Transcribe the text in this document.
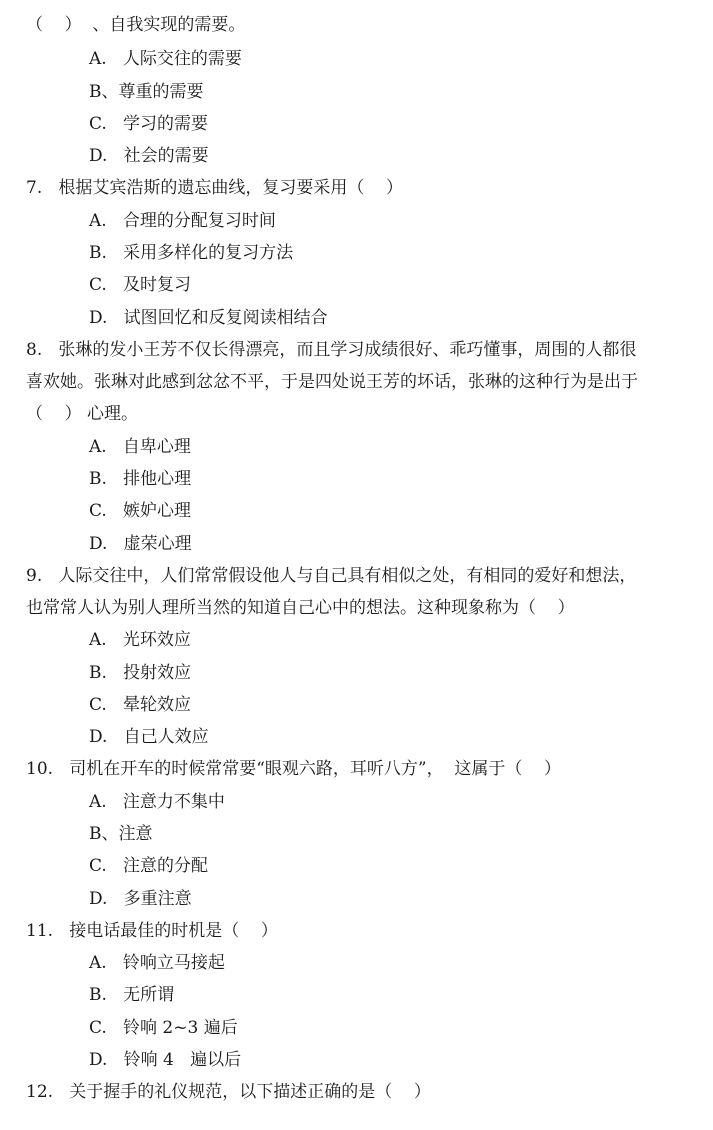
（    ）  、自我实现的需要。
A.   人际交往的需要
B、尊重的需要
C.   学习的需要
D.   社会的需要
7.   根据艾宾浩斯的遗忘曲线，复习要采用（    ）
A.   合理的分配复习时间
B.   采用多样化的复习方法
C.   及时复习
D.   试图回忆和反复阅读相结合
8.   张琳的发小王芳不仅长得漂亮，而且学习成绩很好、乖巧懂事，周围的人都很
喜欢她。张琳对此感到忿忿不平，于是四处说王芳的坏话，张琳的这种行为是出于
（    ） 心理。
A.   自卑心理
B.   排他心理
C.   嫉妒心理
D.   虚荣心理
9.   人际交往中，人们常常假设他人与自己具有相似之处，有相同的爱好和想法，
也常常人认为别人理所当然的知道自己心中的想法。这种现象称为（    ）
A.   光环效应
B.   投射效应
C.   晕轮效应
D.   自己人效应
10.   司机在开车的时候常常要“眼观六路，耳听八方”，  这属于（    ）
A.   注意力不集中
B、注意
C.   注意的分配
D.   多重注意
11.   接电话最佳的时机是（    ）
A.   铃响立马接起
B.   无所谓
C.   铃响 2~3 遍后
D.   铃响 4   遍以后
12.   关于握手的礼仪规范，以下描述正确的是（    ）
